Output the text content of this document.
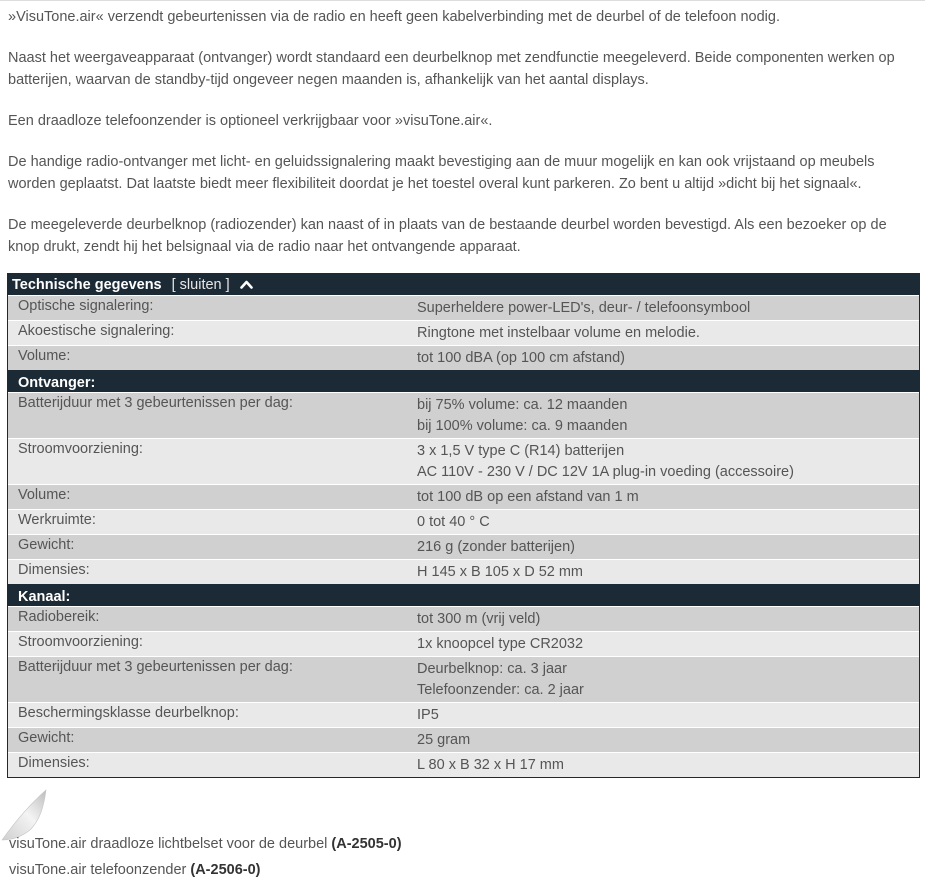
»VisuTone.air« verzendt gebeurtenissen via de radio en heeft geen kabelverbinding met de deurbel of de telefoon nodig.

Naast het weergaveapparaat (ontvanger) wordt standaard een deurbelknop met zendfunctie meegeleverd. Beide componenten werken op batterijen, waarvan de standby-tijd ongeveer negen maanden is, afhankelijk van het aantal displays.

Een draadloze telefoonzender is optioneel verkrijgbaar voor »visuTone.air«.

De handige radio-ontvanger met licht- en geluidssignalering maakt bevestiging aan de muur mogelijk en kan ook vrijstaand op meubels worden geplaatst. Dat laatste biedt meer flexibiliteit doordat je het toestel overal kunt parkeren. Zo bent u altijd »dicht bij het signaal«.

De meegeleverde deurbelknop (radiozender) kan naast of in plaats van de bestaande deurbel worden bevestigd. Als een bezoeker op de knop drukt, zendt hij het belsignaal via de radio naar het ontvangende apparaat.

Technische gegevens [ sluiten ]
Optische signalering:	Superheldere power-LED's, deur- / telefoonsymbool
Akoestische signalering:	Ringtone met instelbaar volume en melodie.
Volume:	tot 100 dBA (op 100 cm afstand)
Ontvanger:
Batterijduur met 3 gebeurtenissen per dag:	bij 75% volume: ca. 12 maanden
bij 100% volume: ca. 9 maanden
Stroomvoorziening:	3 x 1,5 V type C (R14) batterijen
AC 110V - 230 V / DC 12V 1A plug-in voeding (accessoire)
Volume:	tot 100 dB op een afstand van 1 m
Werkruimte:	0 tot 40 ° C
Gewicht:	216 g (zonder batterijen)
Dimensies:	H 145 x B 105 x D 52 mm
Kanaal:
Radiobereik:	tot 300 m (vrij veld)
Stroomvoorziening:	1x knoopcel type CR2032
Batterijduur met 3 gebeurtenissen per dag:	Deurbelknop: ca. 3 jaar
Telefoonzender: ca. 2 jaar
Beschermingsklasse deurbelknop:	IP5
Gewicht:	25 gram
Dimensies:	L 80 x B 32 x H 17 mm
visuTone.air draadloze lichtbelset voor de deurbel (A-2505-0)
visuTone.air telefoonzender (A-2506-0)
